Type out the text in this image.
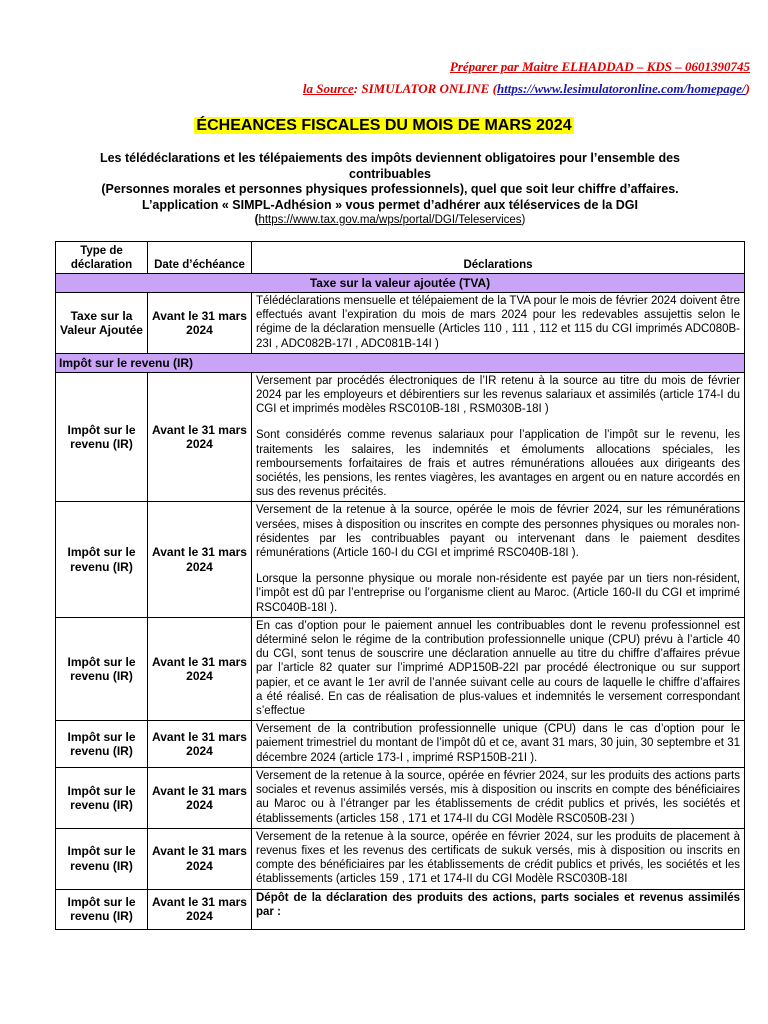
Préparer par Maitre ELHADDAD – KDS – 0601390745
la Source: SIMULATOR ONLINE (https://www.lesimulatoronline.com/homepage/)
ÉCHEANCES FISCALES DU MOIS DE MARS 2024
Les télédéclarations et les télépaiements des impôts deviennent obligatoires pour l’ensemble des contribuables
(Personnes morales et personnes physiques professionnels), quel que soit leur chiffre d’affaires.
L’application « SIMPL-Adhésion » vous permet d’adhérer aux téléservices de la DGI
(https://www.tax.gov.ma/wps/portal/DGI/Teleservices)
Type de déclaration	Date d’échéance	Déclarations
Taxe sur la valeur ajoutée (TVA)		
Taxe sur la Valeur Ajoutée	Avant le 31 mars 2024	Télédéclarations mensuelle et télépaiement de la TVA pour le mois de février 2024 doivent être effectués avant l’expiration du mois de mars 2024 pour les redevables assujettis selon le régime de la déclaration mensuelle (Articles 110 , 111 , 112 et 115 du CGI imprimés ADC080B-23I , ADC082B-17I , ADC081B-14I )
Impôt sur le revenu (IR)		
Impôt sur le revenu (IR)	Avant le 31 mars 2024	Versement par procédés électroniques de l’IR retenu à la source au titre du mois de février 2024 par les employeurs et débirentiers sur les revenus salariaux et assimilés (article 174-I du CGI et imprimés modèles RSC010B-18I , RSM030B-18I )
Sont considérés comme revenus salariaux pour l’application de l’impôt sur le revenu, les traitements les salaires, les indemnités et émoluments allocations spéciales, les remboursements forfaitaires de frais et autres rémunérations allouées aux dirigeants des sociétés, les pensions, les rentes viagères, les avantages en argent ou en nature accordés en sus des revenus précités.
Impôt sur le revenu (IR)	Avant le 31 mars 2024	Versement de la retenue à la source, opérée le mois de février 2024, sur les rémunérations versées, mises à disposition ou inscrites en compte des personnes physiques ou morales non-résidentes par les contribuables payant ou intervenant dans le paiement desdites rémunérations (Article 160-I du CGI et imprimé RSC040B-18I ).
Lorsque la personne physique ou morale non-résidente est payée par un tiers non-résident, l’impôt est dû par l’entreprise ou l’organisme client au Maroc. (Article 160-II du CGI et imprimé RSC040B-18I ).
Impôt sur le revenu (IR)	Avant le 31 mars 2024	En cas d’option pour le paiement annuel les contribuables dont le revenu professionnel est déterminé selon le régime de la contribution professionnelle unique (CPU) prévu à l’article 40 du CGI, sont tenus de souscrire une déclaration annuelle au titre du chiffre d’affaires prévue par l’article 82 quater sur l’imprimé ADP150B-22I par procédé électronique ou sur support papier, et ce avant le 1er avril de l’année suivant celle au cours de laquelle le chiffre d’affaires a été réalisé. En cas de réalisation de plus-values et indemnités le versement correspondant s’effectue
Impôt sur le revenu (IR)	Avant le 31 mars 2024	Versement de la contribution professionnelle unique (CPU) dans le cas d’option pour le paiement trimestriel du montant de l’impôt dû et ce, avant 31 mars, 30 juin, 30 septembre et 31 décembre 2024 (article 173-I , imprimé RSP150B-21I ).
Impôt sur le revenu (IR)	Avant le 31 mars 2024	Versement de la retenue à la source, opérée en février 2024, sur les produits des actions parts sociales et revenus assimilés versés, mis à disposition ou inscrits en compte des bénéficiaires au Maroc ou à l’étranger par les établissements de crédit publics et privés, les sociétés et établissements (articles 158 , 171 et 174-II du CGI Modèle RSC050B-23I )
Impôt sur le revenu (IR)	Avant le 31 mars 2024	Versement de la retenue à la source, opérée en février 2024, sur les produits de placement à revenus fixes et les revenus des certificats de sukuk versés, mis à disposition ou inscrits en compte des bénéficiaires par les établissements de crédit publics et privés, les sociétés et les établissements (articles 159 , 171 et 174-II du CGI Modèle RSC030B-18I
Impôt sur le revenu (IR)	Avant le 31 mars 2024	Dépôt de la déclaration des produits des actions, parts sociales et revenus assimilés par :
